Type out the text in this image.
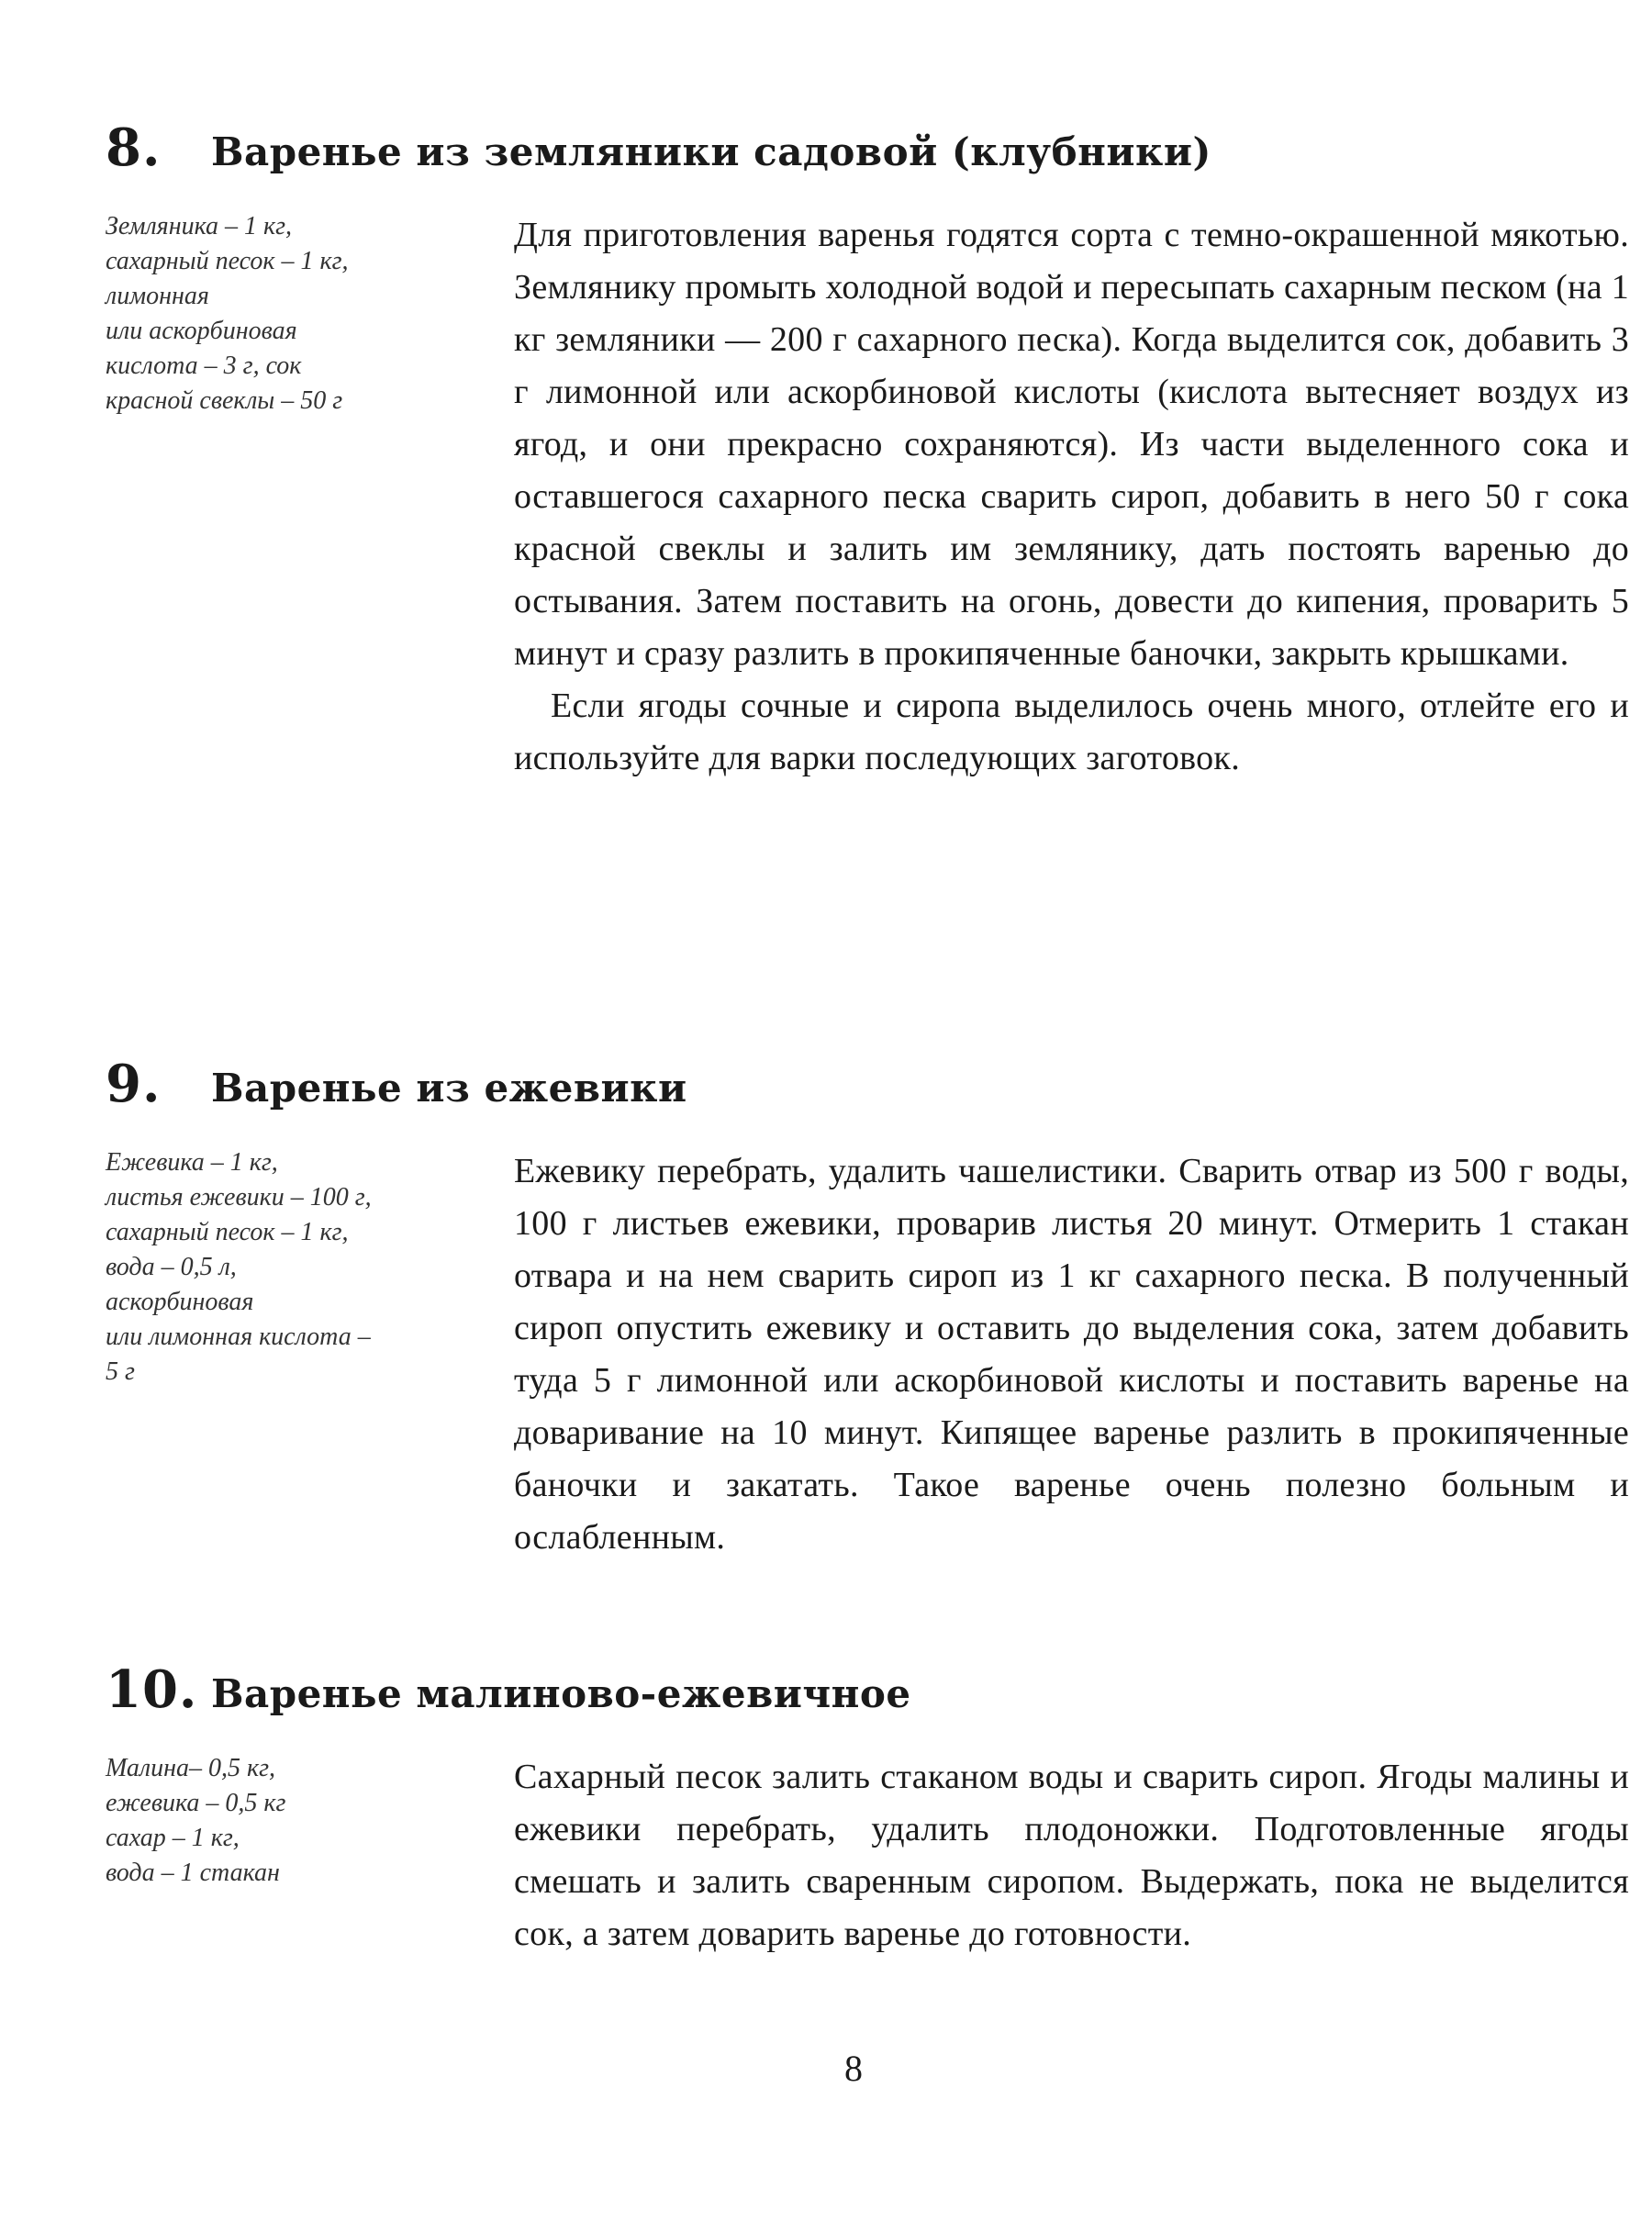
8.	Варенье из земляники садовой (клубники)
Земляника – 1 кг,
сахарный песок – 1 кг,
лимонная
или аскорбиновая
кислота – 3 г, сок
красной свеклы – 50 г

Для приготовления варенья годятся сорта с темно-окрашенной мякотью. Землянику промыть холодной водой и пересыпать сахарным песком (на 1 кг земляники — 200 г сахарного песка). Когда выделится сок, добавить 3 г лимонной или аскорбиновой кислоты (кислота вытесняет воздух из ягод, и они прекрасно сохраняются). Из части выделенного сока и оставшегося сахарного песка сварить сироп, добавить в него 50 г сока красной свеклы и залить им землянику, дать постоять варенью до остывания. Затем поставить на огонь, довести до кипения, проварить 5 минут и сразу разлить в прокипяченные баночки, закрыть крышками.

Если ягоды сочные и сиропа выделилось очень много, отлейте его и используйте для варки последующих заготовок.

9.	Варенье из ежевики
Ежевика – 1 кг,
листья ежевики – 100 г,
сахарный песок – 1 кг,
вода – 0,5 л,
аскорбиновая
или лимонная кислота –
5 г

Ежевику перебрать, удалить чашелистики. Сварить отвар из 500 г воды, 100 г листьев ежевики, проварив листья 20 минут. Отмерить 1 стакан отвара и на нем сварить сироп из 1 кг сахарного песка. В полученный сироп опустить ежевику и оставить до выделения сока, затем добавить туда 5 г лимонной или аскорбиновой кислоты и поставить варенье на доваривание на 10 минут. Кипящее варенье разлить в прокипяченные баночки и закатать. Такое варенье очень полезно больным и ослабленным.

10. Варенье малиново-ежевичное
Малина– 0,5 кг,
ежевика – 0,5 кг
сахар – 1 кг,
вода – 1 стакан

Сахарный песок залить стаканом воды и сварить сироп. Ягоды малины и ежевики перебрать, удалить плодоножки. Подготовленные ягоды смешать и залить сваренным сиропом. Выдержать, пока не выделится сок, а затем доварить варенье до готовности.

8
